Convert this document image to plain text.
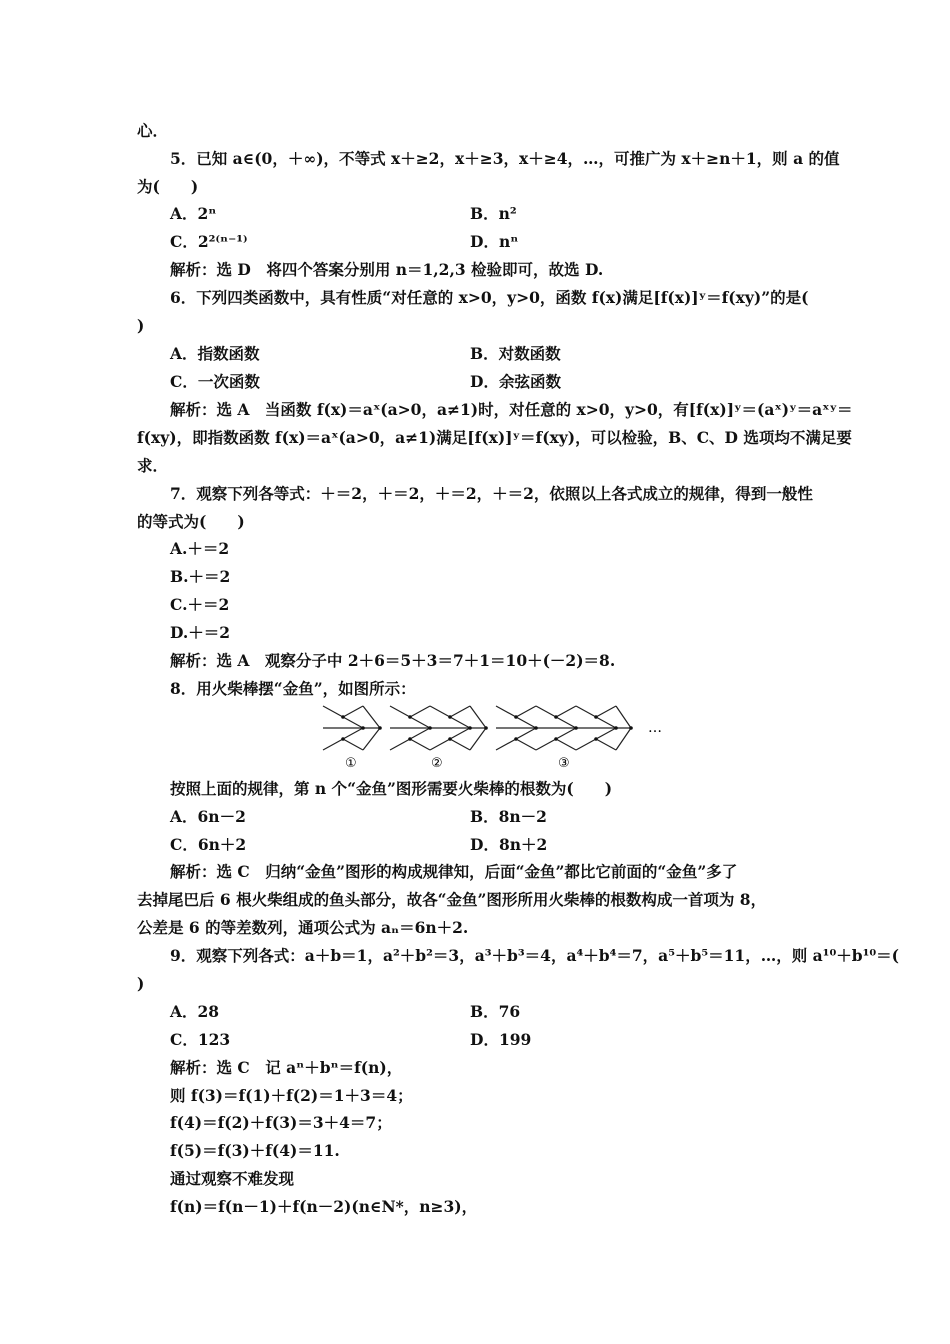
心．
5．已知 a∈(0，＋∞)，不等式 x＋≥2，x＋≥3，x＋≥4，…，可推广为 x＋≥n＋1，则 a 的值
为(　　)
A．2ⁿ	B．n²
C．2²⁽ⁿ⁻¹⁾	D．nⁿ
解析：选 D　将四个答案分别用 n＝1,2,3 检验即可，故选 D.
6．下列四类函数中，具有性质“对任意的 x>0，y>0，函数 f(x)满足[f(x)]ʸ＝f(xy)”的是(
)
A．指数函数	B．对数函数
C．一次函数	D．余弦函数
解析：选 A　当函数 f(x)＝aˣ(a>0，a≠1)时，对任意的 x>0，y>0，有[f(x)]ʸ＝(aˣ)ʸ＝aˣʸ＝
f(xy)，即指数函数 f(x)＝aˣ(a>0，a≠1)满足[f(x)]ʸ＝f(xy)，可以检验，B、C、D 选项均不满足要
求．
7．观察下列各等式：＋＝2，＋＝2，＋＝2，＋＝2，依照以上各式成立的规律，得到一般性
的等式为(　　)
A.＋＝2
B.＋＝2
C.＋＝2
D.＋＝2
解析：选 A　观察分子中 2＋6＝5＋3＝7＋1＝10＋(－2)＝8.
8．用火柴棒摆“金鱼”，如图所示：
…
①	②	③
按照上面的规律，第 n 个“金鱼”图形需要火柴棒的根数为(　　)
A．6n－2	B．8n－2
C．6n＋2	D．8n＋2
解析：选 C　归纳“金鱼”图形的构成规律知，后面“金鱼”都比它前面的“金鱼”多了
去掉尾巴后 6 根火柴组成的鱼头部分，故各“金鱼”图形所用火柴棒的根数构成一首项为 8，
公差是 6 的等差数列，通项公式为 aₙ＝6n＋2.
9．观察下列各式：a＋b＝1，a²＋b²＝3，a³＋b³＝4，a⁴＋b⁴＝7，a⁵＋b⁵＝11，…，则 a¹⁰＋b¹⁰＝(
)
A．28	B．76
C．123	D．199
解析：选 C　记 aⁿ＋bⁿ＝f(n)，
则 f(3)＝f(1)＋f(2)＝1＋3＝4；
f(4)＝f(2)＋f(3)＝3＋4＝7；
f(5)＝f(3)＋f(4)＝11.
通过观察不难发现
f(n)＝f(n－1)＋f(n－2)(n∈N*，n≥3)，
